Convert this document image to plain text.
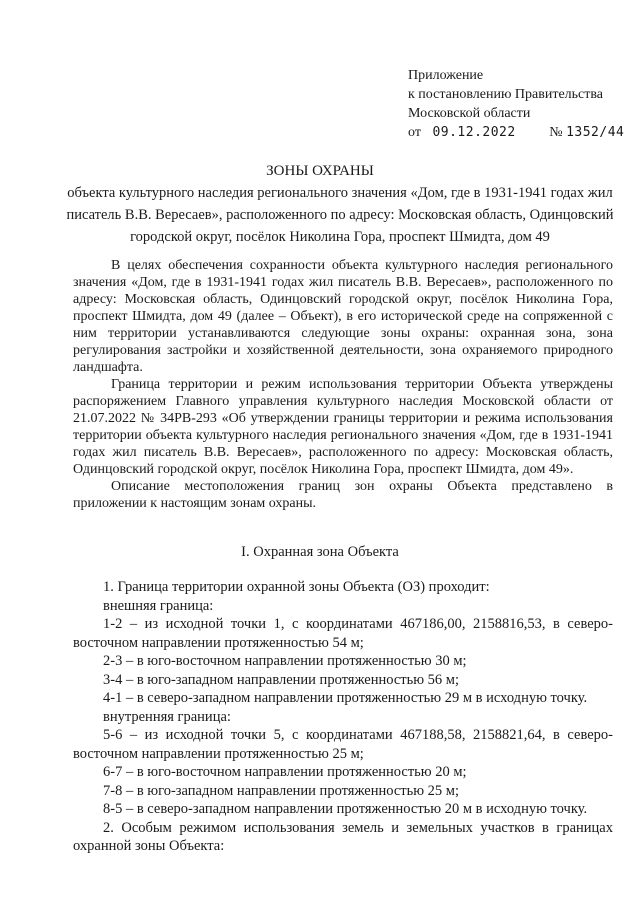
Приложение
к постановлению Правительства
Московской области
от 09.12.2022 № 1352/44
ЗОНЫ ОХРАНЫ
объекта культурного наследия регионального значения «Дом, где в 1931-1941 годах жил писатель В.В. Вересаев», расположенного по адресу: Московская область, Одинцовский городской округ, посёлок Николина Гора, проспект Шмидта, дом 49

В целях обеспечения сохранности объекта культурного наследия регионального значения «Дом, где в 1931-1941 годах жил писатель В.В. Вересаев», расположенного по адресу: Московская область, Одинцовский городской округ, посёлок Николина Гора, проспект Шмидта, дом 49 (далее – Объект), в его исторической среде на сопряженной с ним территории устанавливаются следующие зоны охраны: охранная зона, зона регулирования застройки и хозяйственной деятельности, зона охраняемого природного ландшафта.

Граница территории и режим использования территории Объекта утверждены распоряжением Главного управления культурного наследия Московской области от 21.07.2022 № 34РВ-293 «Об утверждении границы территории и режима использования территории объекта культурного наследия регионального значения «Дом, где в 1931-1941 годах жил писатель В.В. Вересаев», расположенного по адресу: Московская область, Одинцовский городской округ, посёлок Николина Гора, проспект Шмидта, дом 49».

Описание местоположения границ зон охраны Объекта представлено в приложении к настоящим зонам охраны.

I. Охранная зона Объекта

1. Граница территории охранной зоны Объекта (ОЗ) проходит:

внешняя граница:

1-2 – из исходной точки 1, с координатами 467186,00, 2158816,53, в северо-восточном направлении протяженностью 54 м;

2-3 – в юго-восточном направлении протяженностью 30 м;

3-4 – в юго-западном направлении протяженностью 56 м;

4-1 – в северо-западном направлении протяженностью 29 м в исходную точку.

внутренняя граница:

5-6 – из исходной точки 5, с координатами 467188,58, 2158821,64, в северо-восточном направлении протяженностью 25 м;

6-7 – в юго-восточном направлении протяженностью 20 м;

7-8 – в юго-западном направлении протяженностью 25 м;

8-5 – в северо-западном направлении протяженностью 20 м в исходную точку.

2. Особым режимом использования земель и земельных участков в границах охранной зоны Объекта:
